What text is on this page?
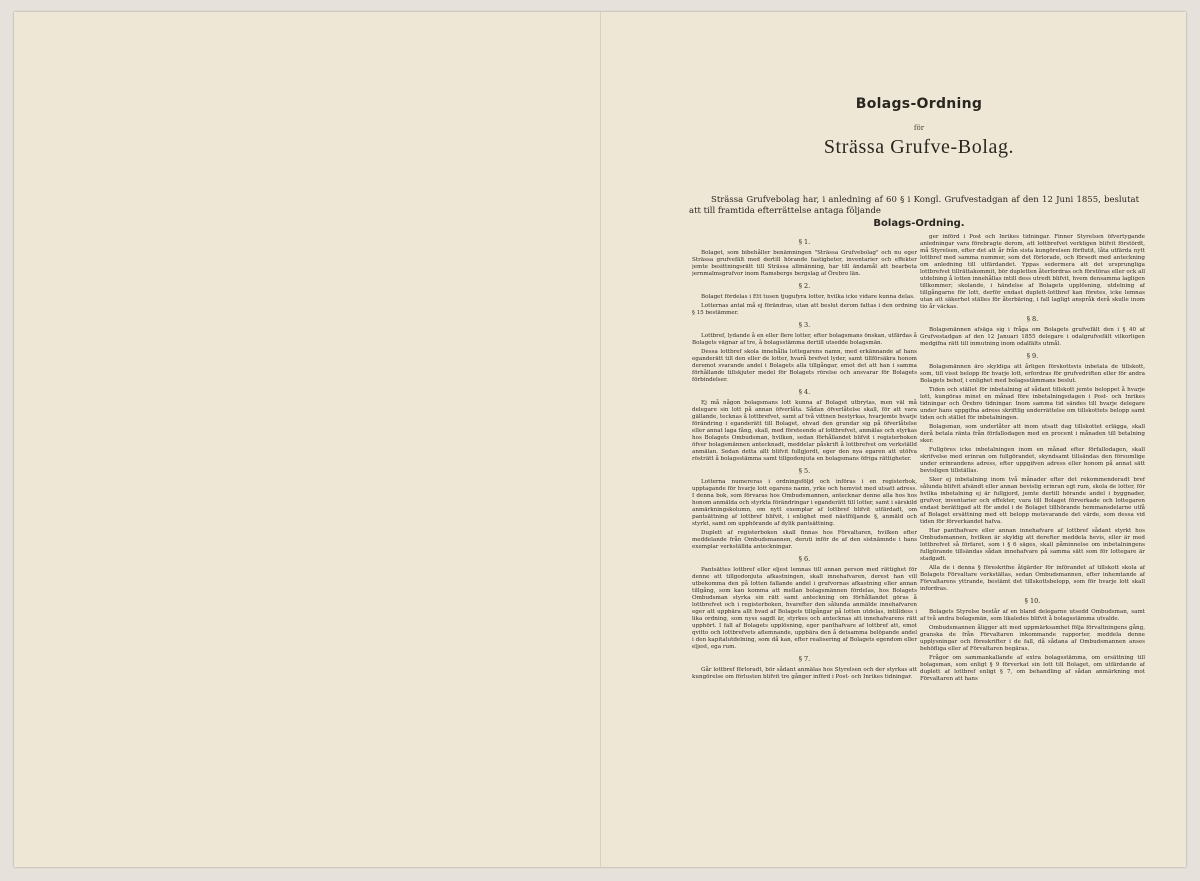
Bolags-Ordning
för
Strässa Grufve-Bolag.

Strässa Grufvebolag har, i anledning af 60 § i Kongl. Grufvestadgan af den 12 Juni 1855, beslutat att till framtida efterrättelse antaga följande

Bolags-Ordning.
§ 1.

Bolaget, som bibehåller benämningen "Strässa Grufvebolag" och nu eger Strässa grufvefält med dertill hörande fastigheter, inventarier och effekter jemte besittningsrätt till Strässa allmänning, har till ändamål att bearbeta jernmalmsgrufvor inom Ramsbergs bergslag af Örebro län.

§ 2.

Bolaget fördelas i Ett tusen tjugufyra lotter, hvilka icke vidare kunna delas.

Lotternas antal må ej förändras, utan att beslut derom fattas i den ordning § 15 bestämmer.

§ 3.

Lottbref, lydande å en eller flere lotter, efter bolagsmans önskan, utfärdas å Bolagets vägnar af tre, å bolagsstämma dertill utsedde bolagsmän.

Dessa lottbref skola innehålla lottegarens namn, med erkännande af hans eganderätt till den eller de lotter, hvarå brefvet lyder, samt tillförsäkra honom deremot svarande andel i Bolagets alla tillgångar, emot det att han i samma förhållande tillskjuter medel för Bolagets rörelse och ansvarar för Bolagets förbindelser.

§ 4.

Ej må någon bolagsmans lott kunna af Bolaget utbrytas, men väl må delegare sin lott på annan öfverlåta. Sådan öfverlåtelse skall, för att vara gällande, tecknas å lottbrefvet, samt af två vittnen bestyrkas, hvarjemte hvarje förändring i eganderätt till Bolaget, ehvad den grundar sig på öfverlåtelse eller annat laga fång, skall, med företeende af lottbrefvet, anmälas och styrkas hos Bolagets Ombudsman, hvilken, sedan förhållandet blifvit i registerboken öfver bolagsmännen antecknadt, meddelar påskrift å lottbrefvet om verkställd anmälan. Sedan detta allt blifvit fullgjordt, eger den nya egaren att utöfva rösträtt å bolagsstämma samt tillgodonjuta en bolagsmans öfriga rättigheter.

§ 5.

Lotterna numereras i ordningsföljd och införas i en registerbok, upptagande för hvarje lott egarens namn, yrke och hemvist med utsatt adress. I denna bok, som förvaras hos Ombudsmannen, antecknar denne alla hos hos honom anmälda och styrkta förändringar i eganderätt till lotter, samt i särskild anmärkningskolumn, om nytt exemplar af lottbref blifvit utfärdadt, om pantsättning af lottbref blifvit, i enlighet med nästföljande §, anmäld och styrkt, samt om upphörande af dylik pantsättning.

Duplett af registerboken skall finnas hos Förvaltaren, hvilken efter meddelande från Ombudsmannen, deruti inför de af den sistnämnde i hans exemplar verkställda anteckningar.

§ 6.

Pantsättes lottbref eller eljest lemnas till annan person med rättighet för denne att tillgodonjuta afkastningen, skall innehafvaren, derest han vill utbekomma den på lotten fallande andel i grufvornas afkastning eller annan tillgång, som kan komma att mellan bolagsmännen fördelas, hos Bolagets Ombudsman styrka sin rätt samt anteckning om förhållandet göras å lottbrefvet och i registerboken, hvarefter den sålunda anmälde innehafvaren eger att uppbära allt hvad af Bolagets tillgångar på lotten utdelas, intilldess i lika ordning, som nyss sagdt är, styrkes och antecknas att innehafvarens rätt upphört. I fall af Bolagets upplösning, eger panthafvare af lottbref att, emot qvitto och lottbrefvets aflemnande, uppbära den å detsamma belöpande andel i den kapitalutdelning, som då kan, efter realisering af Bolagets egendom eller eljest, ega rum.

§ 7.

Går lottbref förloradt, bör sådant anmälas hos Styrelsen och der styrkas att kungörelse om förlusten blifvit tre gånger införd i Post- och Inrikes tidningar.

ger införd i Post och Inrikes tidningar. Finner Styrelsen öfvertygande anledningar vara förebragte derom, att lottbrefvet verkligen blifvit förstördt, må Styrelsen, efter det att år från sista kungörelsen förflutit, låta utfärda nytt lottbref med samma nummer, som det förlorade, och försedt med anteckning om anledning till utfärdandet. Yppas sedermera att det ursprungliga lottbrefvet tillrättakommit, bör dupletten återfordras och förstöras eller ock all utdelning å lotten innehållas intill dess utredt blifvit, hvem densamma lagligen tillkommer; skolande, i händelse af Bolagets upplösning, utdelning af tillgångarne för lott, derför endast duplett-lottbref kan företes, icke lemnas utan att säkerhet ställes för återbäring, i fall lagligt anspråk derå skulle inom tio år väckas.

§ 8.

Bolagsmännen afsäga sig i fråga om Bolagets grufvefält den i § 40 af Grufvestadgan af den 12 Januari 1855 delegare i odalgrufvefält vilkorligen medgifna rätt till inmutning inom odalfälts utmål.

§ 9.

Bolagsmännen äro skyldiga att årligen förskottsvis inbetala de tillskott, som, till visst belopp för hvarje lott, erfordras för grufvedriften eller för andra Bolagets behof, i enlighet med bolagsstämmans beslut.

Tiden och stället för inbetalning af sådant tillskott jemte beloppet å hvarje lott, kungöras minst en månad före inbetalningsdagen i Post- och Inrikes tidningar och Örebro tidningar. Inom samma tid sändes till hvarje delegare under hans uppgifna adress skriftlig underrättelse om tillskottets belopp samt tiden och stället för inbetalningen.

Bolagsman, som underlåter att inom utsatt dag tillskottet erlägga, skall derå betala ränta från förfallodagen med en procent i månaden till betalning sker.

Fullgöres icke inbetalningen inom en månad efter förfallodagen, skall skrifvelse med erinran om fullgörandet, skyndsamt tillsändas den försumlige under erinrandens adress, efter uppgifven adress eller honom på annat sätt bevisligen tillställas.

Sker ej inbetalning inom två månader efter det rekommenderadt bref sålunda blifvit afsändt eller annan bevislig erinran egt rum, skola de lotter, för hvilka inbetalning ej är fullgjord, jemte dertill hörande andel i byggnader, grufvor, inventarier och effekter, vara till Bolaget förverkade och lottegaren endast berättigad att för andel i de Bolaget tillhörande hemmansdelarne utfå af Bolaget ersättning med ett belopp motsvarande det värde, som dessa vid tiden för förverkandet hafva.

Har panthafvare eller annan innehafvare af lottbref sådant styrkt hos Ombudsmannen, hvilken är skyldig att derefter meddela hevis, eller är med lottbrefvet så förfaret, som i § 6 säges, skall påminnelse om inbetalningens fullgörande tillsändas sådan innehafvare på samma sätt som för lottegare är stadgadt.

Alla de i denna § föreskrifne åtgärder för införandet af tillskott skola af Bolagets Förvaltare verkställas, sedan Ombudsmannen, efter inhemtande af Förvaltarens yttrande, bestämt det tillskottsbelopp, som för hvarje lott skall infordras.

§ 10.

Bolagets Styrelse består af en bland delegarne utsedd Ombudsman, samt af två andra bolagsmän, som likaledes blifvit å bolagsstämma utvalde.

Ombudsmannen åligger att med uppmärksamhet följa förvaltningens gång, granska de från Förvaltaren inkommande rapporter, meddela denne upplysningar och föreskrifter i de fall, då sådana af Ombudsmannen anses behöfliga eller af Förvaltaren begäras.

Frågor om sammankallande af extra bolagsstämma, om ersättning till bolagsman, som enligt § 9 förverkat sin lott till Bolaget, om utfärdande af duplett af lottbref enligt § 7, om behandling af sådan anmärkning mot Förvaltaren att hans
